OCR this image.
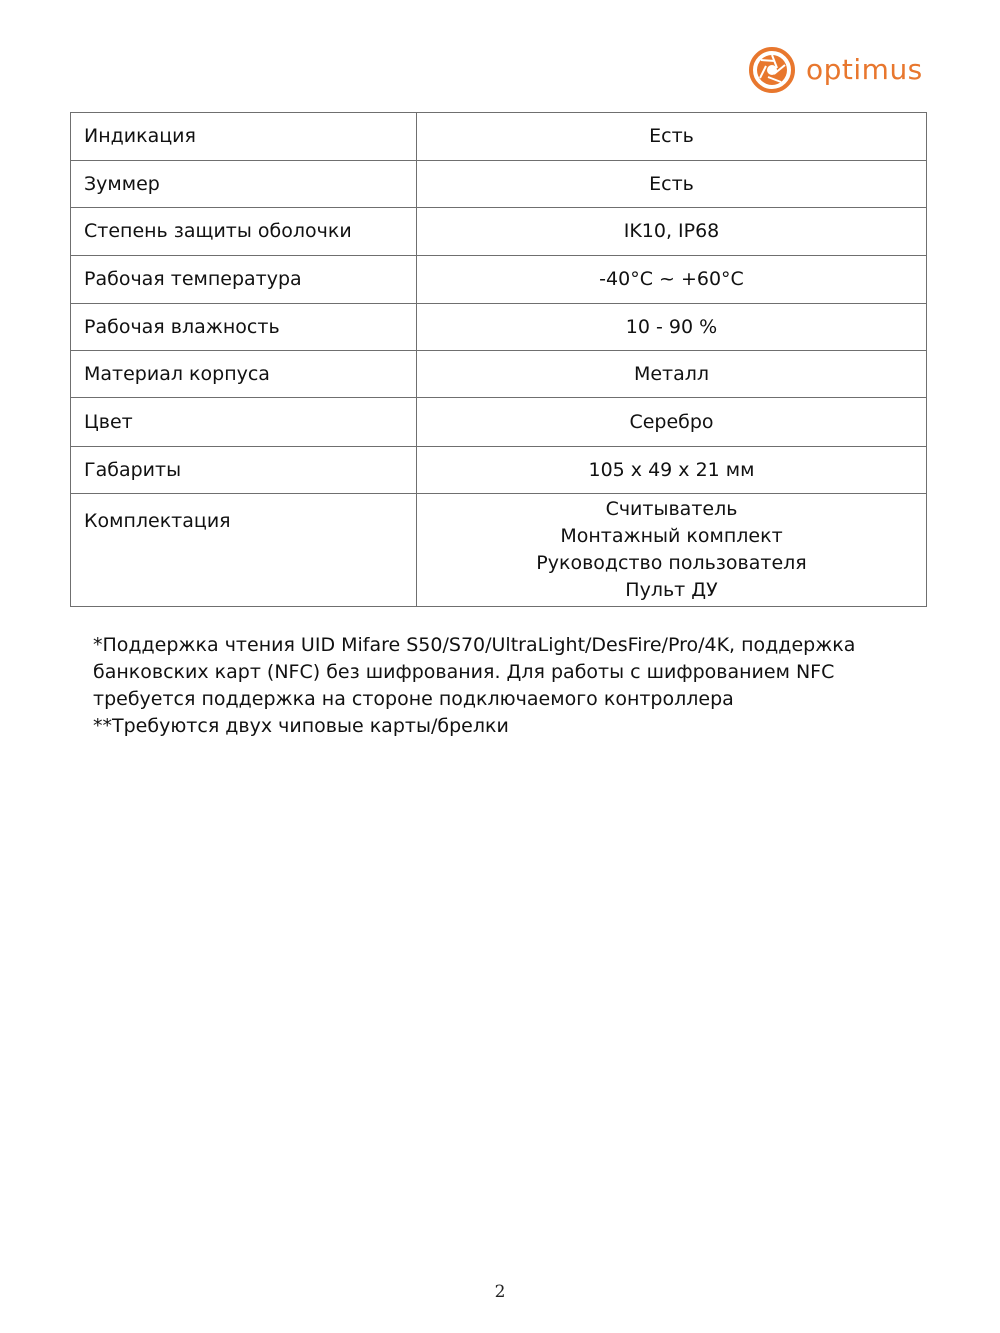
optimus
Индикация	Есть
Зуммер	Есть
Степень защиты оболочки	IK10, IP68
Рабочая температура	-40°C ~ +60°C
Рабочая влажность	10 - 90 %
Материал корпуса	Металл
Цвет	Серебро
Габариты	105 x 49 x 21 мм
Комплектация	Считыватель
Монтажный комплект
Руководство пользователя
Пульт ДУ

*Поддержка чтения UID Mifare S50/S70/UltraLight/DesFire/Pro/4K, поддержка

банковских карт (NFC) без шифрования. Для работы с шифрованием NFC

требуется поддержка на стороне подключаемого контроллера

**Требуются двух чиповые карты/брелки

2
